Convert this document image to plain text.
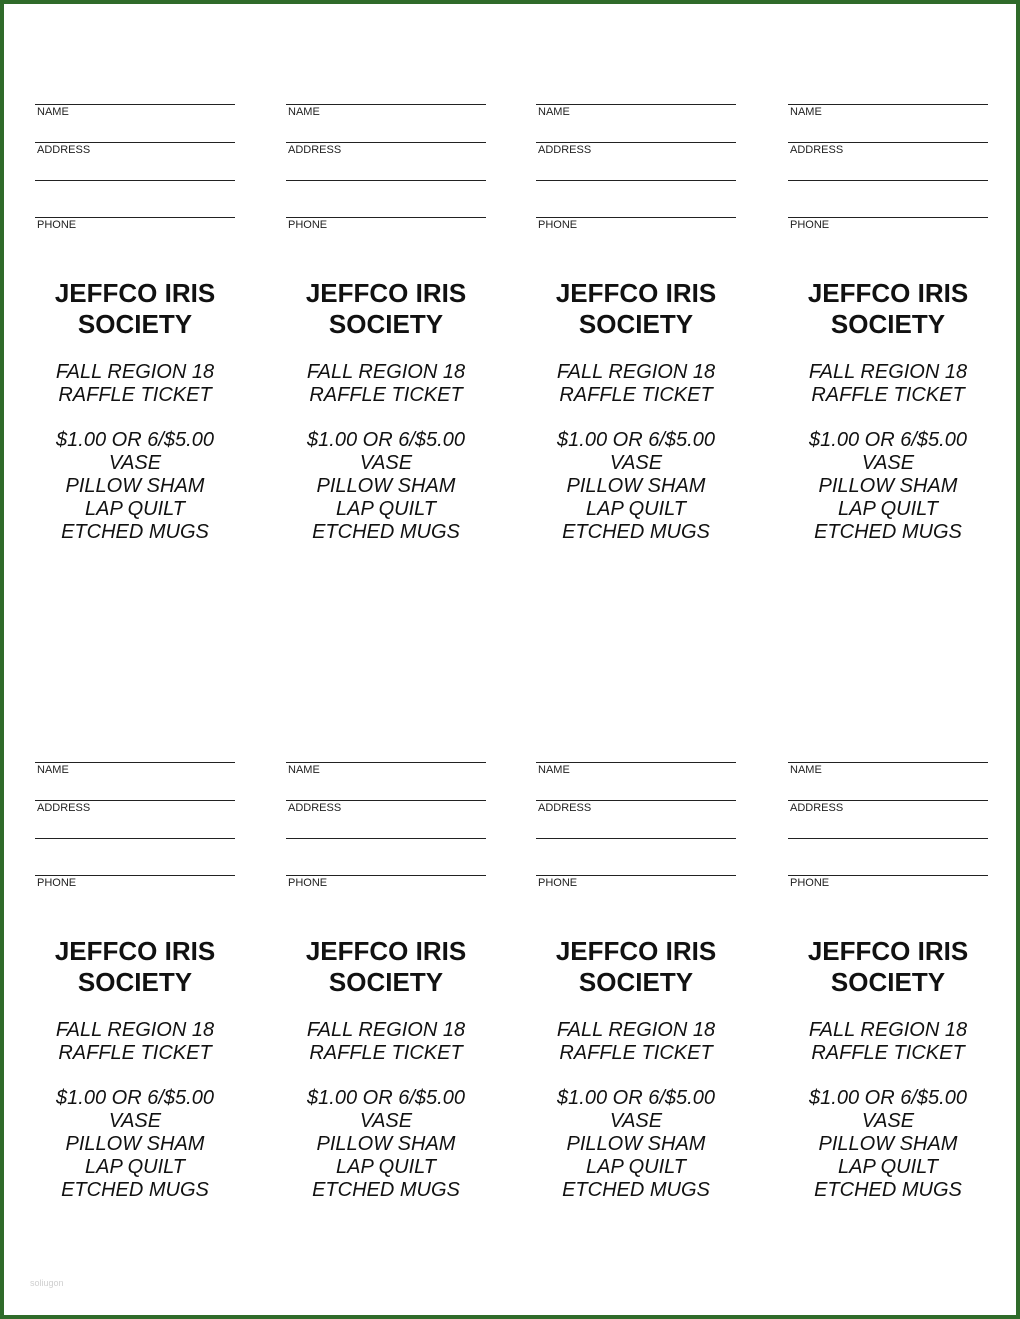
NAME
ADDRESS
PHONE
JEFFCO IRIS
SOCIETY
FALL REGION 18
RAFFLE TICKET
$1.00 OR 6/$5.00
VASE
PILLOW SHAM
LAP QUILT
ETCHED MUGS
NAME
ADDRESS
PHONE
JEFFCO IRIS
SOCIETY
FALL REGION 18
RAFFLE TICKET
$1.00 OR 6/$5.00
VASE
PILLOW SHAM
LAP QUILT
ETCHED MUGS
NAME
ADDRESS
PHONE
JEFFCO IRIS
SOCIETY
FALL REGION 18
RAFFLE TICKET
$1.00 OR 6/$5.00
VASE
PILLOW SHAM
LAP QUILT
ETCHED MUGS
NAME
ADDRESS
PHONE
JEFFCO IRIS
SOCIETY
FALL REGION 18
RAFFLE TICKET
$1.00 OR 6/$5.00
VASE
PILLOW SHAM
LAP QUILT
ETCHED MUGS
NAME
ADDRESS
PHONE
JEFFCO IRIS
SOCIETY
FALL REGION 18
RAFFLE TICKET
$1.00 OR 6/$5.00
VASE
PILLOW SHAM
LAP QUILT
ETCHED MUGS
NAME
ADDRESS
PHONE
JEFFCO IRIS
SOCIETY
FALL REGION 18
RAFFLE TICKET
$1.00 OR 6/$5.00
VASE
PILLOW SHAM
LAP QUILT
ETCHED MUGS
NAME
ADDRESS
PHONE
JEFFCO IRIS
SOCIETY
FALL REGION 18
RAFFLE TICKET
$1.00 OR 6/$5.00
VASE
PILLOW SHAM
LAP QUILT
ETCHED MUGS
NAME
ADDRESS
PHONE
JEFFCO IRIS
SOCIETY
FALL REGION 18
RAFFLE TICKET
$1.00 OR 6/$5.00
VASE
PILLOW SHAM
LAP QUILT
ETCHED MUGS
soliugon
